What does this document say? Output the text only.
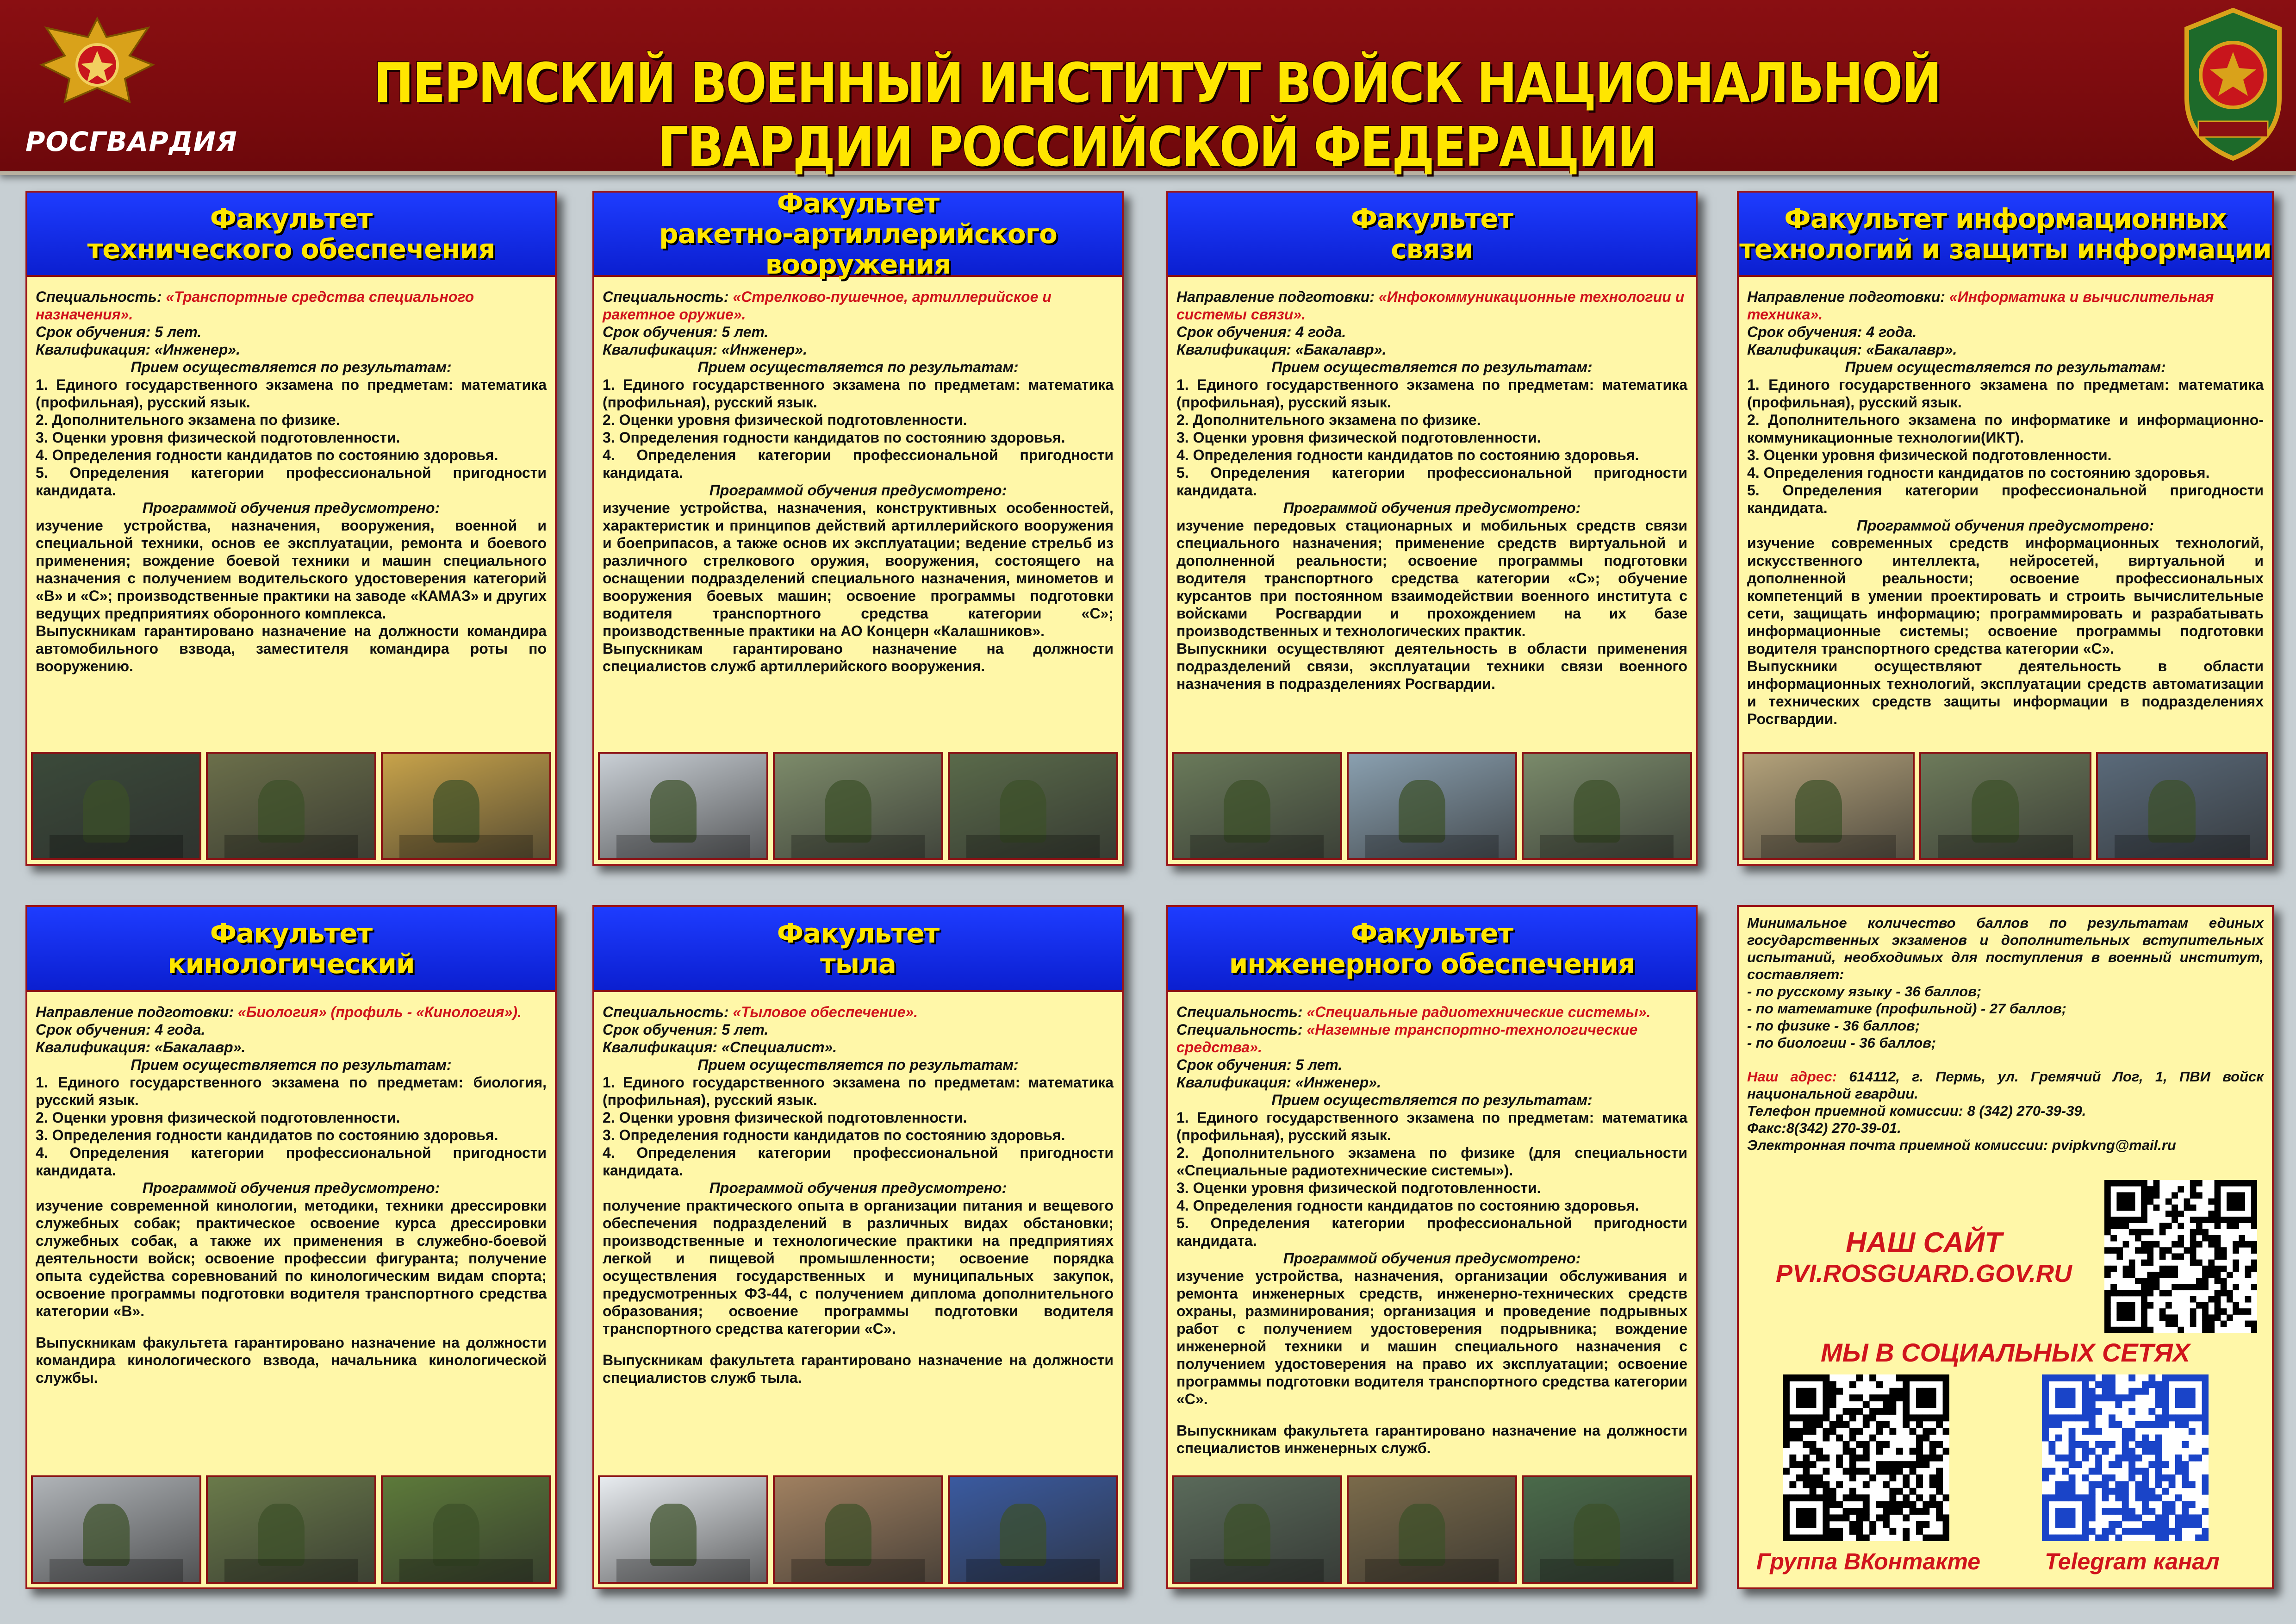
РОСГВАРДИЯ
ПЕРМСКИЙ ВОЕННЫЙ ИНСТИТУТ ВОЙСК НАЦИОНАЛЬНОЙ ГВАРДИИ РОССИЙСКОЙ ФЕДЕРАЦИИ
Факультет
технического обеспечения

Специальность: «Транспортные средства специального назначения».

Срок обучения: 5 лет.

Квалификация: «Инженер».

Прием осуществляется по результатам:

1. Единого государственного экзамена по предметам: математика (профильная), русский язык.

2. Дополнительного экзамена по физике.

3. Оценки уровня физической подготовленности.

4. Определения годности кандидатов по состоянию здоровья.

5. Определения категории профессиональной пригодности кандидата.

Программой обучения предусмотрено:

изучение устройства, назначения, вооружения, военной и специальной техники, основ ее эксплуатации, ремонта и боевого применения; вождение боевой техники и машин специального назначения с получением водительского удостоверения категорий «В» и «С»; производственные практики на заводе «КАМАЗ» и других ведущих предприятиях оборонного комплекса.

Выпускникам гарантировано назначение на должности командира автомобильного взвода, заместителя командира роты по вооружению.

Факультет
ракетно-артиллерийского вооружения

Специальность: «Стрелково-пушечное, артиллерийское и ракетное оружие».

Срок обучения: 5 лет.

Квалификация: «Инженер».

Прием осуществляется по результатам:

1. Единого государственного экзамена по предметам: математика (профильная), русский язык.

2. Оценки уровня физической подготовленности.

3. Определения годности кандидатов по состоянию здоровья.

4. Определения категории профессиональной пригодности кандидата.

Программой обучения предусмотрено:

изучение устройства, назначения, конструктивных особенностей, характеристик и принципов действий артиллерийского вооружения и боеприпасов, а также основ их эксплуатации; ведение стрельб из различного стрелкового оружия, вооружения, состоящего на оснащении подразделений специального назначения, минометов и вооружения боевых машин; освоение программы подготовки водителя транспортного средства категории «С»; производственные практики на АО Концерн «Калашников».

Выпускникам гарантировано назначение на должности специалистов служб артиллерийского вооружения.

Факультет
связи

Направление подготовки: «Инфокоммуникационные технологии и системы связи».

Срок обучения: 4 года.

Квалификация: «Бакалавр».

Прием осуществляется по результатам:

1. Единого государственного экзамена по предметам: математика (профильная), русский язык.

2. Дополнительного экзамена по физике.

3. Оценки уровня физической подготовленности.

4. Определения годности кандидатов по состоянию здоровья.

5. Определения категории профессиональной пригодности кандидата.

Программой обучения предусмотрено:

изучение передовых стационарных и мобильных средств связи специального назначения; применение средств виртуальной и дополненной реальности; освоение программы подготовки водителя транспортного средства категории «С»; обучение курсантов при постоянном взаимодействии военного института с войсками Росгвардии и прохождением на их базе производственных и технологических практик.

Выпускники осуществляют деятельность в области применения подразделений связи, эксплуатации техники связи военного назначения в подразделениях Росгвардии.

Факультет информационных
технологий и защиты информации

Направление подготовки: «Информатика и вычислительная техника».

Срок обучения: 4 года.

Квалификация: «Бакалавр».

Прием осуществляется по результатам:

1. Единого государственного экзамена по предметам: математика (профильная), русский язык.

2. Дополнительного экзамена по информатике и информационно-коммуникационные технологии(ИКТ).

3. Оценки уровня физической подготовленности.

4. Определения годности кандидатов по состоянию здоровья.

5. Определения категории профессиональной пригодности кандидата.

Программой обучения предусмотрено:

изучение современных средств информационных технологий, искусственного интеллекта, нейросетей, виртуальной и дополненной реальности; освоение профессиональных компетенций в умении проектировать и строить вычислительные сети, защищать информацию; программировать и разрабатывать информационные системы; освоение программы подготовки водителя транспортного средства категории «С».

Выпускники осуществляют деятельность в области информационных технологий, эксплуатации средств автоматизации и технических средств защиты информации в подразделениях Росгвардии.

Факультет
кинологический

Направление подготовки: «Биология» (профиль - «Кинология»).

Срок обучения: 4 года.

Квалификация: «Бакалавр».

Прием осуществляется по результатам:

1. Единого государственного экзамена по предметам: биология, русский язык.

2. Оценки уровня физической подготовленности.

3. Определения годности кандидатов по состоянию здоровья.

4. Определения категории профессиональной пригодности кандидата.

Программой обучения предусмотрено:

изучение современной кинологии, методики, техники дрессировки служебных собак; практическое освоение курса дрессировки служебных собак, а также их применения в служебно-боевой деятельности войск; освоение профессии фигуранта; получение опыта судейства соревнований по кинологическим видам спорта; освоение программы подготовки водителя транспортного средства категории «В».

Выпускникам факультета гарантировано назначение на должности командира кинологического взвода, начальника кинологической службы.

Факультет
тыла

Специальность: «Тыловое обеспечение».

Срок обучения: 5 лет.

Квалификация: «Специалист».

Прием осуществляется по результатам:

1. Единого государственного экзамена по предметам: математика (профильная), русский язык.

2. Оценки уровня физической подготовленности.

3. Определения годности кандидатов по состоянию здоровья.

4. Определения категории профессиональной пригодности кандидата.

Программой обучения предусмотрено:

получение практического опыта в организации питания и вещевого обеспечения подразделений в различных видах обстановки; производственные и технологические практики на предприятиях легкой и пищевой промышленности; освоение порядка осуществления государственных и муниципальных закупок, предусмотренных ФЗ-44, с получением диплома дополнительного образования; освоение программы подготовки водителя транспортного средства категории «С».

Выпускникам факультета гарантировано назначение на должности специалистов служб тыла.

Факультет
инженерного обеспечения

Специальность: «Специальные радиотехнические системы».

Специальность: «Наземные транспортно-технологические средства».

Срок обучения: 5 лет.

Квалификация: «Инженер».

Прием осуществляется по результатам:

1. Единого государственного экзамена по предметам: математика (профильная), русский язык.

2. Дополнительного экзамена по физике (для специальности «Специальные радиотехнические системы»).

3. Оценки уровня физической подготовленности.

4. Определения годности кандидатов по состоянию здоровья.

5. Определения категории профессиональной пригодности кандидата.

Программой обучения предусмотрено:

изучение устройства, назначения, организации обслуживания и ремонта инженерных средств, инженерно-технических средств охраны, разминирования; организация и проведение подрывных работ с получением удостоверения подрывника; вождение инженерной техники и машин специального назначения с получением удостоверения на право их эксплуатации; освоение программы подготовки водителя транспортного средства категории «С».

Выпускникам факультета гарантировано назначение на должности специалистов инженерных служб.

Минимальное количество баллов по результатам единых государственных экзаменов и дополнительных вступительных испытаний, необходимых для поступления в военный институт, составляет:

- по русскому языку - 36 баллов;

- по математике (профильной) - 27 баллов;

- по физике - 36 баллов;

- по биологии - 36 баллов;

Наш адрес: 614112, г. Пермь, ул. Гремячий Лог, 1, ПВИ войск национальной гвардии.

Телефон приемной комиссии: 8 (342) 270-39-39.

Факс:8(342) 270-39-01.

Электронная почта приемной комиссии: pvipkvng@mail.ru

НАШ САЙТ
PVI.ROSGUARD.GOV.RU
МЫ В СОЦИАЛЬНЫХ СЕТЯХ
Группа ВКонтакте	Telegram канал
